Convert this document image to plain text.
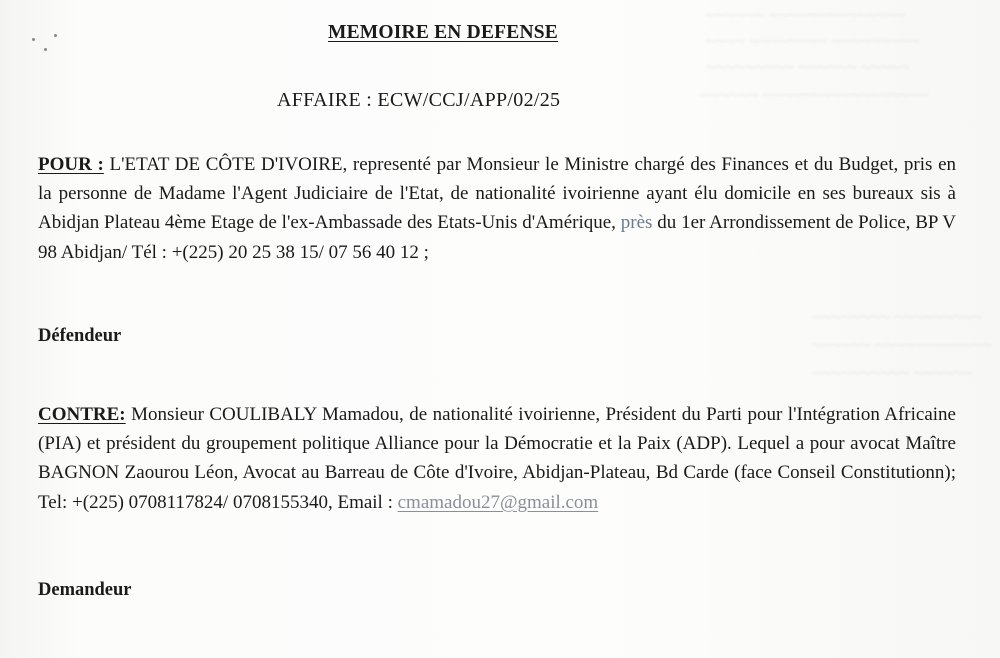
~~~~~~ ~~~~~~~~~~~~~~
~~~~ ~~~~~~~~ ~~~~~~~~~
~~~~~~~~~ ~~~~~~ ~~~~~
~~~~~~ ~~~~~~~~~~~~~~~~~
~~~~~~~~ ~~~~~~~~~
~~~~~~ ~~~~~~~~~~~~
~~~~~~~~~~ ~~~~~~
MEMOIRE EN DEFENSE
AFFAIRE : ECW/CCJ/APP/02/25
POUR : L'ETAT DE CÔTE D'IVOIRE, representé par Monsieur le Ministre chargé des Finances et du Budget, pris en la personne de Madame l'Agent Judiciaire de l'Etat, de nationalité ivoirienne ayant élu domicile en ses bureaux sis à Abidjan Plateau 4ème Etage de l'ex-Ambassade des Etats-Unis d'Amérique, près du 1er Arrondissement de Police, BP V 98 Abidjan/ Tél : +(225) 20 25 38 15/ 07 56 40 12 ;
Défendeur
CONTRE: Monsieur COULIBALY Mamadou, de nationalité ivoirienne, Président du Parti pour l'Intégration Africaine (PIA) et président du groupement politique Alliance pour la Démocratie et la Paix (ADP). Lequel a pour avocat Maître BAGNON Zaourou Léon, Avocat au Barreau de Côte d'Ivoire, Abidjan-Plateau, Bd Carde (face Conseil Constitutionn); Tel: +(225) 0708117824/ 0708155340, Email : cmamadou27@gmail.com
Demandeur
